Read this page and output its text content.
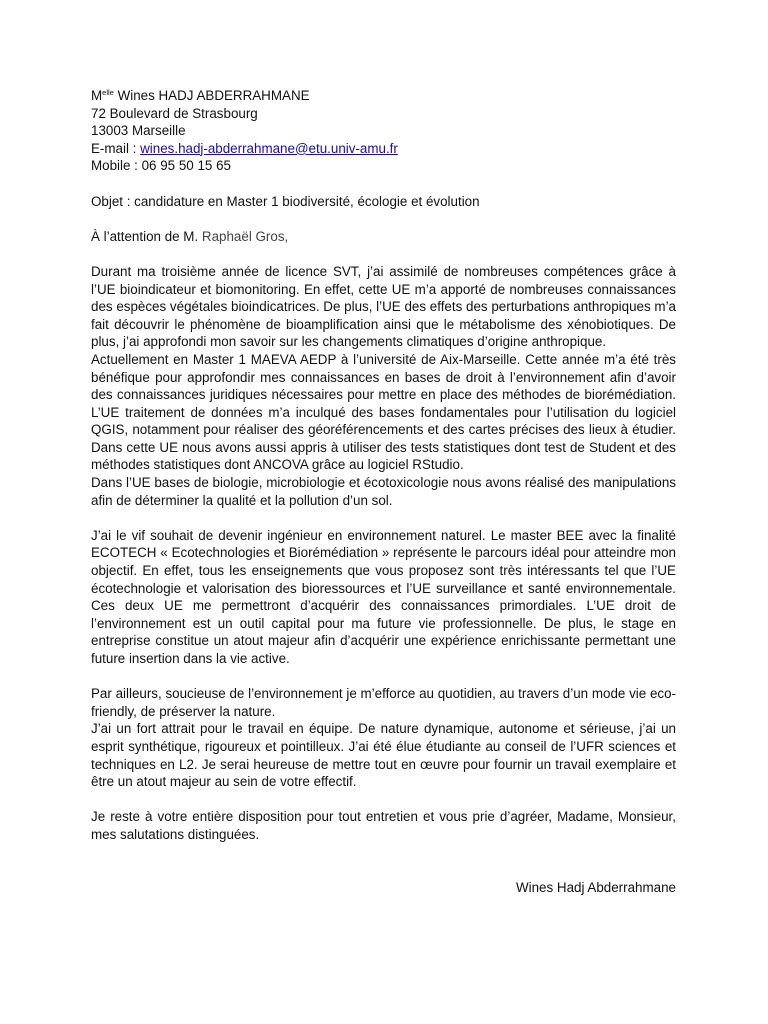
$M^{elle}$ Wines HADJ ABDERRAHMANE
72 Boulevard de Strasbourg
13003 Marseille
E-mail : wines.hadj-abderrahmane@etu.univ-amu.fr
Mobile : 06 95 50 15 65
Objet : candidature en Master 1 biodiversité, écologie et évolution
À l’attention de M. Raphaël Gros,

Durant ma troisième année de licence SVT, j’ai assimilé de nombreuses compétences grâce à l’UE bioindicateur et biomonitoring. En effet, cette UE m’a apporté de nombreuses connaissances des espèces végétales bioindicatrices. De plus, l’UE des effets des perturbations anthropiques m’a fait découvrir le phénomène de bioamplification ainsi que le métabolisme des xénobiotiques. De plus, j’ai approfondi mon savoir sur les changements climatiques d’origine anthropique.

Actuellement en Master 1 MAEVA AEDP à l’université de Aix-Marseille. Cette année m’a été très bénéfique pour approfondir mes connaissances en bases de droit à l’environnement afin d’avoir des connaissances juridiques nécessaires pour mettre en place des méthodes de biorémédiation. L’UE traitement de données m’a inculqué des bases fondamentales pour l’utilisation du logiciel QGIS, notamment pour réaliser des géoréférencements et des cartes précises des lieux à étudier. Dans cette UE nous avons aussi appris à utiliser des tests statistiques dont test de Student et des méthodes statistiques dont ANCOVA grâce au logiciel RStudio.

Dans l’UE bases de biologie, microbiologie et écotoxicologie nous avons réalisé des manipulations afin de déterminer la qualité et la pollution d’un sol.

J’ai le vif souhait de devenir ingénieur en environnement naturel. Le master BEE avec la finalité ECOTECH « Ecotechnologies et Biorémédiation » représente le parcours idéal pour atteindre mon objectif. En effet, tous les enseignements que vous proposez sont très intéressants tel que l’UE écotechnologie et valorisation des bioressources et l’UE surveillance et santé environnementale. Ces deux UE me permettront d’acquérir des connaissances primordiales. L’UE droit de l’environnement est un outil capital pour ma future vie professionnelle. De plus, le stage en entreprise constitue un atout majeur afin d’acquérir une expérience enrichissante permettant une future insertion dans la vie active.

Par ailleurs, soucieuse de l’environnement je m’efforce au quotidien, au travers d’un mode vie eco-friendly, de préserver la nature.

J’ai un fort attrait pour le travail en équipe. De nature dynamique, autonome et sérieuse, j’ai un esprit synthétique, rigoureux et pointilleux. J’ai été élue étudiante au conseil de l’UFR sciences et techniques en L2. Je serai heureuse de mettre tout en œuvre pour fournir un travail exemplaire et être un atout majeur au sein de votre effectif.

Je reste à votre entière disposition pour tout entretien et vous prie d’agréer, Madame, Monsieur, mes salutations distinguées.

Wines Hadj Abderrahmane
